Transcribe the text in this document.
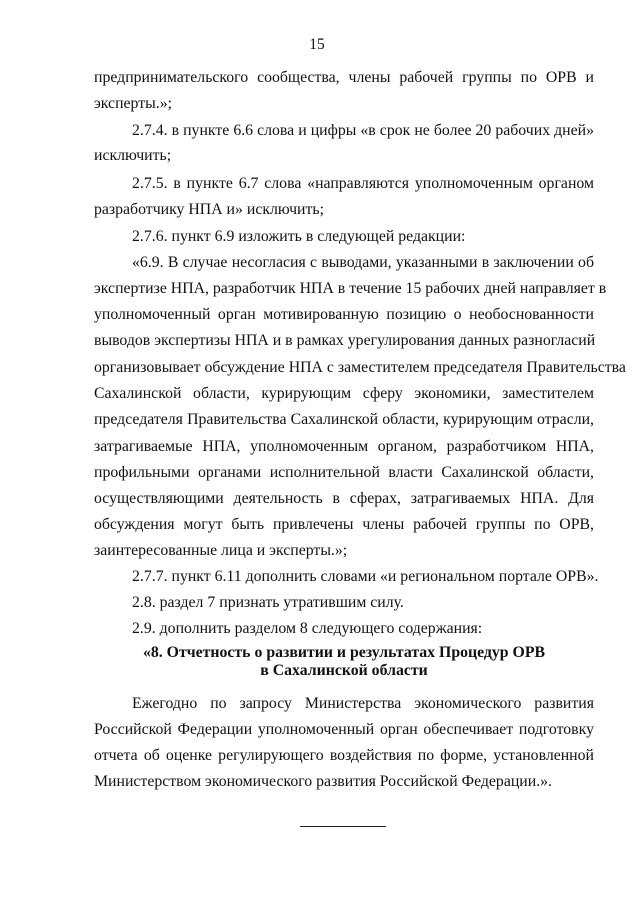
15
предпринимательского сообщества, члены рабочей группы по ОРВ и
эксперты.»;
2.7.4. в пункте 6.6 слова и цифры «в срок не более 20 рабочих дней»
исключить;
2.7.5. в пункте 6.7 слова «направляются уполномоченным органом
разработчику НПА и» исключить;
2.7.6. пункт 6.9 изложить в следующей редакции:
«6.9. В случае несогласия с выводами, указанными в заключении об
экспертизе НПА, разработчик НПА в течение 15 рабочих дней направляет в
уполномоченный орган мотивированную позицию о необоснованности
выводов экспертизы НПА и в рамках урегулирования данных разногласий
организовывает обсуждение НПА с заместителем председателя Правительства
Сахалинской области, курирующим сферу экономики, заместителем
председателя Правительства Сахалинской области, курирующим отрасли,
затрагиваемые НПА, уполномоченным органом, разработчиком НПА,
профильными органами исполнительной власти Сахалинской области,
осуществляющими деятельность в сферах, затрагиваемых НПА. Для
обсуждения могут быть привлечены члены рабочей группы по ОРВ,
заинтересованные лица и эксперты.»;
2.7.7. пункт 6.11 дополнить словами «и региональном портале ОРВ».
2.8. раздел 7 признать утратившим силу.
2.9. дополнить разделом 8 следующего содержания:
«8. Отчетность о развитии и результатах Процедур ОРВ
в Сахалинской области
Ежегодно по запросу Министерства экономического развития
Российской Федерации уполномоченный орган обеспечивает подготовку
отчета об оценке регулирующего воздействия по форме, установленной
Министерством экономического развития Российской Федерации.».
